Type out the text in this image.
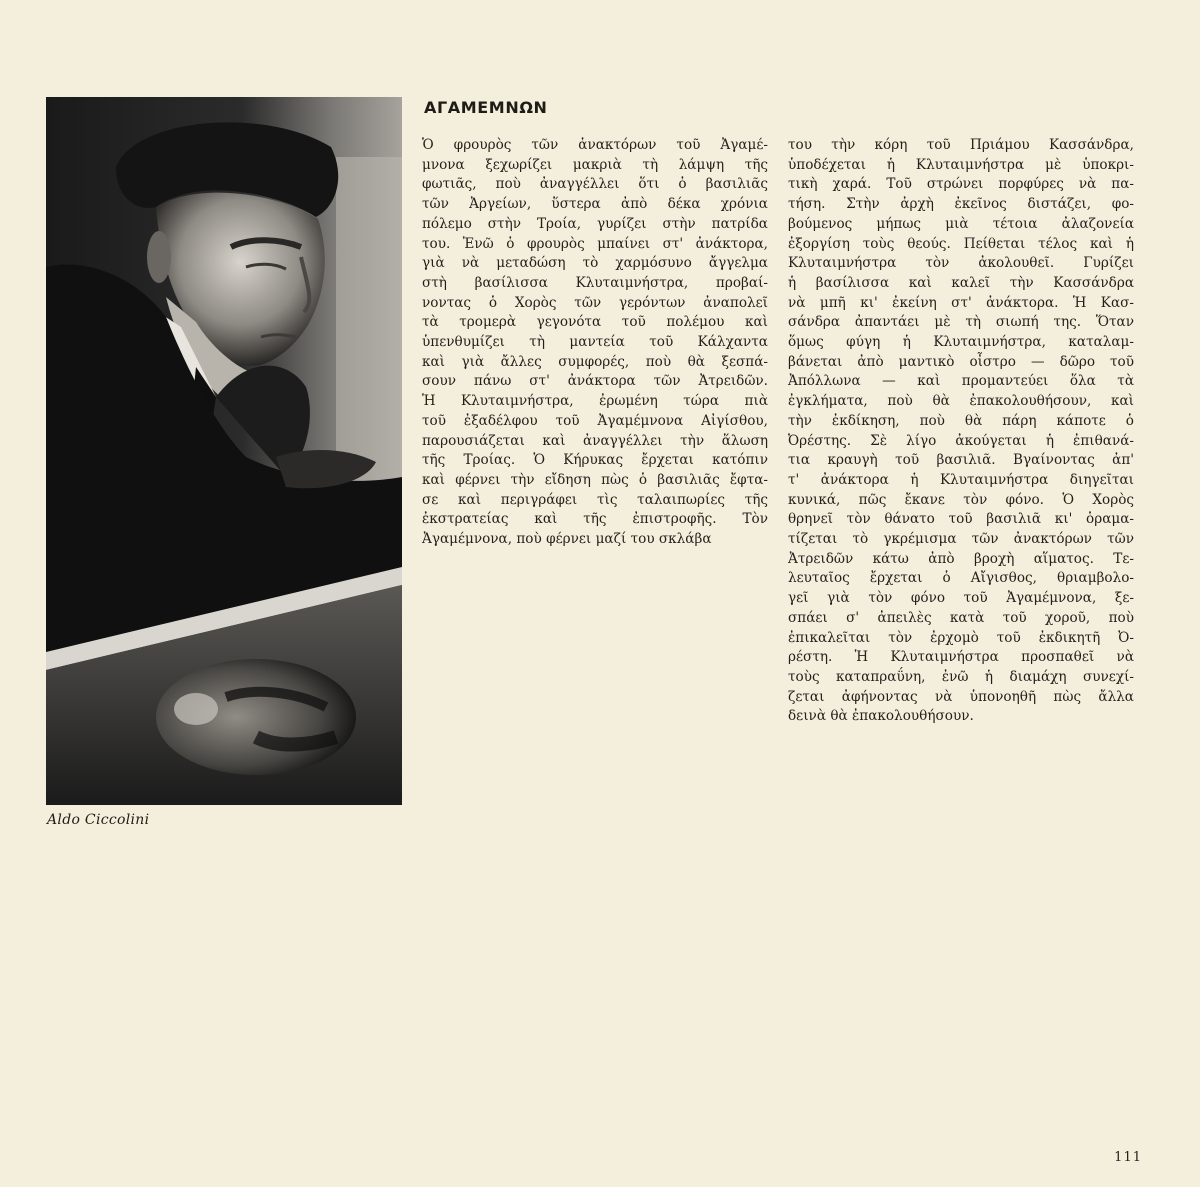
Aldo Ciccolini
ΑΓΑΜΕΜΝΩΝ
Ὁ φρουρὸς τῶν ἀνακτόρων τοῦ Ἀγαμέ-
μνονα ξεχωρίζει μακριὰ τὴ λάμψη τῆς
φωτιᾶς, ποὺ ἀναγγέλλει ὅτι ὁ βασιλιᾶς
τῶν Ἀργείων, ὕστερα ἀπὸ δέκα χρόνια
πόλεμο στὴν Τροία, γυρίζει στὴν πατρίδα
του. Ἐνῶ ὁ φρουρὸς μπαίνει στ' ἀνάκτορα,
γιὰ νὰ μεταδώση τὸ χαρμόσυνο ἄγγελμα
στὴ βασίλισσα Κλυταιμνήστρα, προβαί-
νοντας ὁ Χορὸς τῶν γερόντων ἀναπολεῖ
τὰ τρομερὰ γεγονότα τοῦ πολέμου καὶ
ὑπενθυμίζει τὴ μαντεία τοῦ Κάλχαντα
καὶ γιὰ ἄλλες συμφορές, ποὺ θὰ ξεσπά-
σουν πάνω στ' ἀνάκτορα τῶν Ἀτρειδῶν.
Ἡ Κλυταιμνήστρα, ἐρωμένη τώρα πιὰ
τοῦ ἐξαδέλφου τοῦ Ἀγαμέμνονα Αἰγίσθου,
παρουσιάζεται καὶ ἀναγγέλλει τὴν ἅλωση
τῆς Τροίας. Ὁ Κήρυκας ἔρχεται κατόπιν
καὶ φέρνει τὴν εἴδηση πὼς ὁ βασιλιᾶς ἔφτα-
σε καὶ περιγράφει τὶς ταλαιπωρίες τῆς
ἐκστρατείας καὶ τῆς ἐπιστροφῆς. Τὸν
Ἀγαμέμνονα, ποὺ φέρνει μαζί του σκλάβα
του τὴν κόρη τοῦ Πριάμου Κασσάνδρα,
ὑποδέχεται ἡ Κλυταιμνήστρα μὲ ὑποκρι-
τικὴ χαρά. Τοῦ στρώνει πορφύρες νὰ πα-
τήση. Στὴν ἀρχὴ ἐκεῖνος διστάζει, φο-
βούμενος μήπως μιὰ τέτοια ἀλαζονεία
ἐξοργίση τοὺς θεούς. Πείθεται τέλος καὶ ἡ
Κλυταιμνήστρα τὸν ἀκολουθεῖ. Γυρίζει
ἡ βασίλισσα καὶ καλεῖ τὴν Κασσάνδρα
νὰ μπῆ κι' ἐκείνη στ' ἀνάκτορα. Ἡ Κασ-
σάνδρα ἀπαντάει μὲ τὴ σιωπή της. Ὅταν
ὅμως φύγη ἡ Κλυταιμνήστρα, καταλαμ-
βάνεται ἀπὸ μαντικὸ οἶστρο — δῶρο τοῦ
Ἀπόλλωνα — καὶ προμαντεύει ὅλα τὰ
ἐγκλήματα, ποὺ θὰ ἐπακολουθήσουν, καὶ
τὴν ἐκδίκηση, ποὺ θὰ πάρη κάποτε ὁ
Ὀρέστης. Σὲ λίγο ἀκούγεται ἡ ἐπιθανά-
τια κραυγὴ τοῦ βασιλιᾶ. Βγαίνοντας ἀπ'
τ' ἀνάκτορα ἡ Κλυταιμνήστρα διηγεῖται
κυνικά, πῶς ἔκανε τὸν φόνο. Ὁ Χορὸς
θρηνεῖ τὸν θάνατο τοῦ βασιλιᾶ κι' ὁραμα-
τίζεται τὸ γκρέμισμα τῶν ἀνακτόρων τῶν
Ἀτρειδῶν κάτω ἀπὸ βροχὴ αἵματος. Τε-
λευταῖος ἔρχεται ὁ Αἴγισθος, θριαμβολο-
γεῖ γιὰ τὸν φόνο τοῦ Ἀγαμέμνονα, ξε-
σπάει σ' ἀπειλὲς κατὰ τοῦ χοροῦ, ποὺ
ἐπικαλεῖται τὸν ἐρχομὸ τοῦ ἐκδικητῆ Ὀ-
ρέστη. Ἡ Κλυταιμνήστρα προσπαθεῖ νὰ
τοὺς καταπραΰνη, ἐνῶ ἡ διαμάχη συνεχί-
ζεται ἀφήνοντας νὰ ὑπονοηθῆ πὼς ἄλλα
δεινὰ θὰ ἐπακολουθήσουν.
111
